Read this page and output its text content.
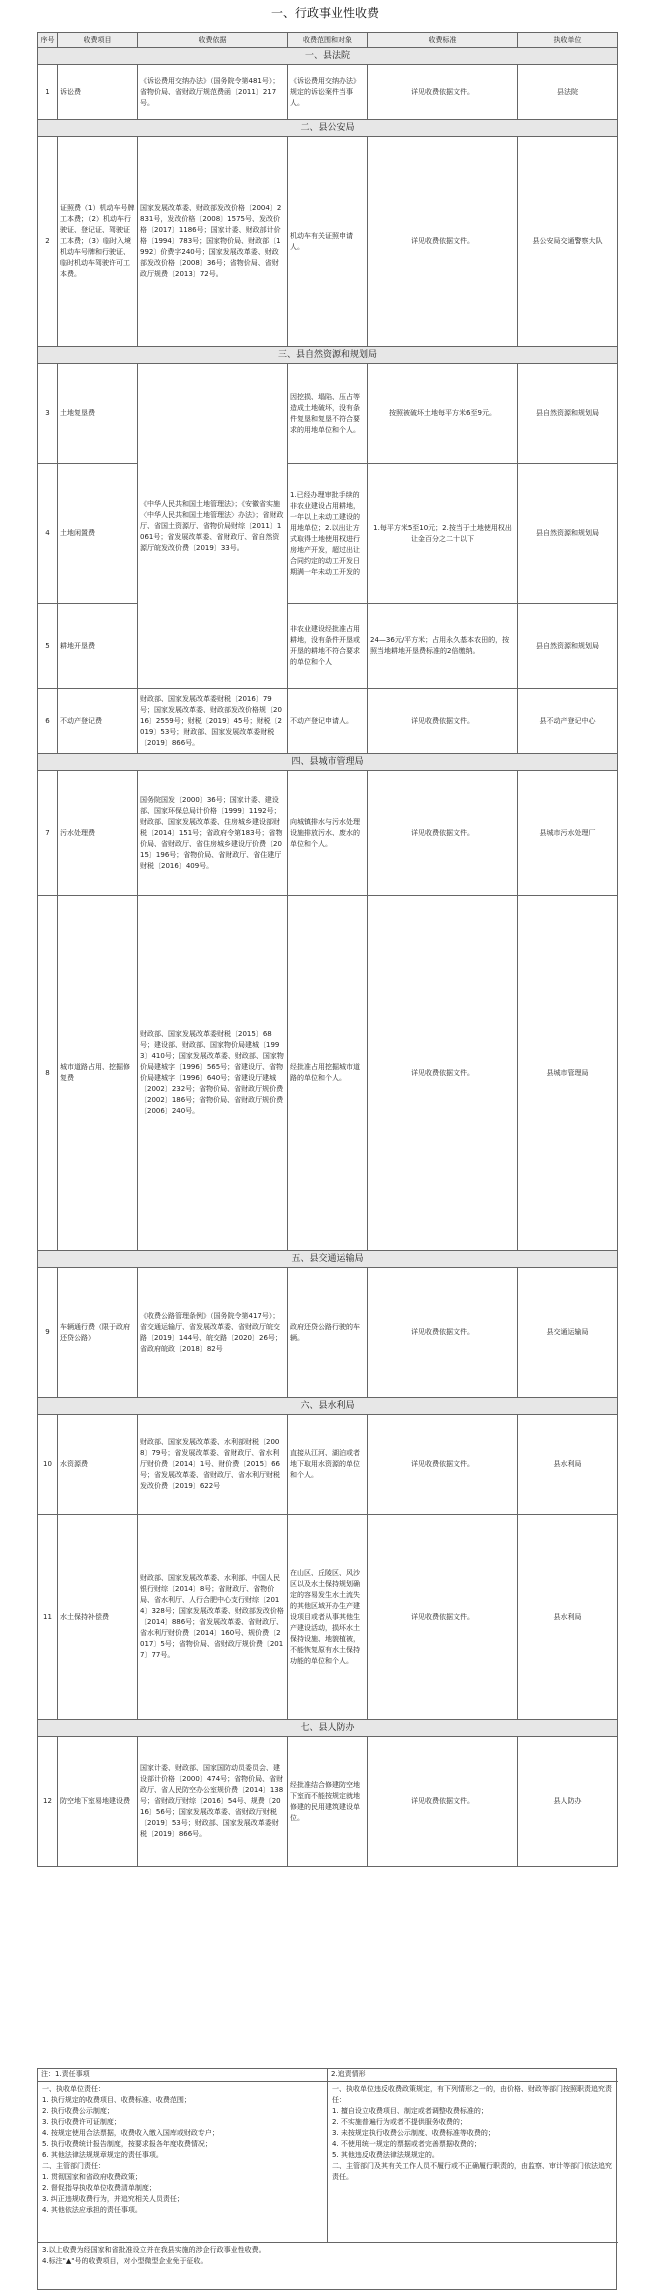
一、行政事业性收费
序号	收费项目	收费依据	收费范围和对象	收费标准	执收单位
一、县法院					
1	诉讼费	《诉讼费用交纳办法》（国务院令第481号）；省物价局、省财政厅规范费函〔2011〕217号。	《诉讼费用交纳办法》规定的诉讼案件当事人。	详见收费依据文件。	县法院
二、县公安局					
2	证照费（1）机动车号牌工本费；（2）机动车行驶证、登记证、驾驶证工本费；（3）临时入境机动车号牌和行驶证、临时机动车驾驶许可工本费。	国家发展改革委、财政部发改价格〔2004〕2831号，发改价格〔2008〕1575号、发改价格〔2017〕1186号；国家计委、财政部计价格〔1994〕783号；国家物价局、财政部〔1992〕价费字240号；国家发展改革委、财政部发改价格〔2008〕36号；省物价局、省财政厅规费〔2013〕72号。	机动车有关证照申请人。	详见收费依据文件。	县公安局交通警察大队
三、县自然资源和规划局					
3	土地复垦费	《中华人民共和国土地管理法》；《安徽省实施〈中华人民共和国土地管理法〉办法》；省财政厅、省国土资源厅、省物价局财综〔2011〕1061号；省发展改革委、省财政厅、省自然资源厅皖发改价费〔2019〕33号。	因挖损、塌陷、压占等造成土地破坏，没有条件复垦和复垦不符合要求的用地单位和个人。	按照被破坏土地每平方米6至9元。	县自然资源和规划局
4	土地闲置费		1.已经办理审批手续的非农业建设占用耕地，一年以上未动工建设的用地单位；2.以出让方式取得土地使用权进行房地产开发，超过出让合同约定的动工开发日期满一年未动工开发的	1.每平方米5至10元；2.按当于土地使用权出让金百分之二十以下	县自然资源和规划局
5	耕地开垦费		非农业建设经批准占用耕地，没有条件开垦或开垦的耕地不符合要求的单位和个人	24—36元/平方米；占用永久基本农田的，按照当地耕地开垦费标准的2倍缴纳。	县自然资源和规划局
6	不动产登记费	财政部、国家发展改革委财税〔2016〕79号；国家发展改革委、财政部发改价格规〔2016〕2559号；财税〔2019〕45号；财税〔2019〕53号；财政部、国家发展改革委财税〔2019〕866号。	不动产登记申请人。	详见收费依据文件。	县不动产登记中心
四、县城市管理局					
7	污水处理费	国务院国发〔2000〕36号；国家计委、建设部、国家环保总局计价格〔1999〕1192号；财政部、国家发展改革委、住房城乡建设部财税〔2014〕151号；省政府令第183号；省物价局、省财政厅、省住房城乡建设厅价费〔2015〕196号；省物价局、省财政厅、省住建厅财税〔2016〕409号。	向城镇排水与污水处理设施排放污水、废水的单位和个人。	详见收费依据文件。	县城市污水处理厂
8	城市道路占用、挖掘修复费	财政部、国家发展改革委财税〔2015〕68号；建设部、财政部、国家物价局建城〔1993〕410号；国家发展改革委、财政部、国家物价局建城字〔1996〕565号；省建设厅、省物价局建城字〔1996〕640号；省建设厅建城〔2002〕232号；省物价局、省财政厅规价费〔2002〕186号；省物价局、省财政厅规价费〔2006〕240号。	经批准占用挖掘城市道路的单位和个人。	详见收费依据文件。	县城市管理局
五、县交通运输局					
9	车辆通行费（限于政府还贷公路）	《收费公路管理条例》（国务院令第417号）；省交通运输厅、省发展改革委、省财政厅皖交路〔2019〕144号、皖交路〔2020〕26号；省政府皖政〔2018〕82号	政府还贷公路行驶的车辆。	详见收费依据文件。	县交通运输局
六、县水利局					
10	水资源费	财政部、国家发展改革委、水利部财税〔2008〕79号；省发展改革委、省财政厅、省水利厅财价费〔2014〕1号、财价费〔2015〕66号；省发展改革委、省财政厅、省水利厅财税发改价费〔2019〕622号	直接从江河、湖泊或者地下取用水资源的单位和个人。	详见收费依据文件。	县水利局
11	水土保持补偿费	财政部、国家发展改革委、水利部、中国人民银行财综〔2014〕8号；省财政厅、省物价局、省水利厅、人行合肥中心支行财综〔2014〕328号；国家发展改革委、财政部发改价格〔2014〕886号；省发展改革委、省财政厅、省水利厅财价费〔2014〕160号、规价费〔2017〕5号；省物价局、省财政厅规价费〔2017〕77号。	在山区、丘陵区、风沙区以及水土保持规划确定的容易发生水土流失的其他区域开办生产建设项目或者从事其他生产建设活动，损坏水土保持设施、地貌植被，不能恢复原有水土保持功能的单位和个人。	详见收费依据文件。	县水利局
七、县人防办					
12	防空地下室易地建设费	国家计委、财政部、国家国防动员委员会、建设部计价格〔2000〕474号；省物价局、省财政厅、省人民防空办公室规价费〔2014〕138号；省财政厅财综〔2016〕54号、规费〔2016〕56号；国家发展改革委、省财政厅财税〔2019〕53号；财政部、国家发展改革委财税〔2019〕866号。	经批准结合修建防空地下室而不能按规定就地修建的民用建筑建设单位。	详见收费依据文件。	县人防办
注：1.责任事项	2.追责情形
一、执收单位责任：
1. 执行规定的收费项目、收费标准、收费范围；
2. 执行收费公示制度；
3. 执行收费许可证制度；
4. 按规定使用合法票据，收费收入缴入国库或财政专户；
5. 执行收费统计报告制度，按要求报各年度收费情况；
6. 其他法律法规规章规定的责任事项。
二、主管部门责任：
1. 贯彻国家和省政府收费政策；
2. 督促指导执收单位收费清单制度；
3. 纠正违规收费行为，并追究相关人员责任；
4. 其他依法应承担的责任事项。
一、执收单位违反收费政策规定，有下列情形之一的，由价格、财政等部门按照职责追究责任：
1. 擅自设立收费项目、制定或者调整收费标准的；
2. 不实施普遍行为或者不提供服务收费的；
3. 未按规定执行收费公示制度、收费标准等收费的；
4. 不使用统一规定的票据或者完善票据收费的；
5. 其他违反收费法律法规规定的。
二、主管部门及其有关工作人员不履行或不正确履行职责的，由监察、审计等部门依法追究责任。
3.以上收费为经国家和省批准设立并在我县实施的涉企行政事业性收费。
4.标注"▲"号的收费项目，对小型微型企业免于征收。
